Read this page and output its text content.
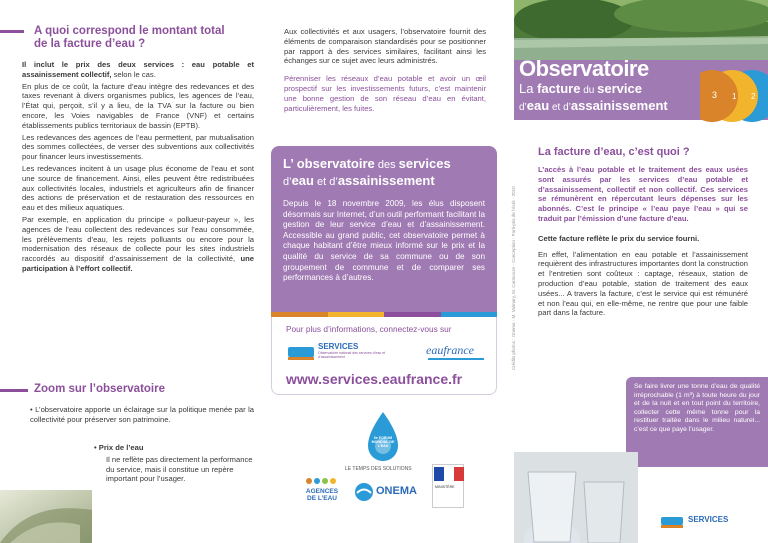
A quoi correspond le montant total de la facture d’eau ?

Il inclut le prix des deux services : eau potable et assainissement collectif, selon le cas.

En plus de ce coût, la facture d’eau intègre des redevances et des taxes revenant à divers organismes publics, les agences de l’eau, l’État qui, perçoit, s’il y a lieu, de la TVA sur la facture ou bien encore, les Voies navigables de France (VNF) et certains établissements publics territoriaux de bassin (EPTB).

Les redevances des agences de l’eau permettent, par mutualisation des sommes collectées, de verser des subventions aux collectivités pour financer leurs investissements.

Les redevances incitent à un usage plus économe de l’eau et sont une source de financement. Ainsi, elles peuvent être redistribuées aux collectivités locales, industriels et agriculteurs afin de financer des actions de préservation et de restauration des ressources en eau et des milieux aquatiques.

Par exemple, en application du principe « pollueur-payeur », les agences de l’eau collectent des redevances sur l’eau consommée, les prélèvements d’eau, les rejets polluants ou encore pour la modernisation des réseaux de collecte pour les sites industriels raccordés au dispositif d’assainissement de la collectivité, une participation à l’effort collectif.

Zoom sur l’observatoire

• L’observatoire apporte un éclairage sur la politique menée par la collectivité pour préserver son patrimoine.

• Prix de l’eau

Il ne reflète pas directement la performance du service, mais il constitue un repère important pour l’usager.

Aux collectivités et aux usagers, l’observatoire fournit des éléments de comparaison standardisés pour se positionner par rapport à des services similaires, facilitant ainsi les échanges sur ce sujet avec leurs administrés.

Pérenniser les réseaux d’eau potable et avoir un œil prospectif sur les investissements futurs, c’est maintenir une bonne gestion de son réseau d’eau en évitant, particulièrement, les fuites.

L’ observatoire des services
d’eau et d’assainissement

Depuis le 18 novembre 2009, les élus disposent désormais sur Internet, d’un outil performant facilitant la gestion de leur service d’eau et d’assainissement. Accessible au grand public, cet observatoire permet à chaque habitant d’être mieux informé sur le prix et la qualité du service de sa commune ou de son groupement de commune et de comparer ses performances à d’autres.

Pour plus d’informations, connectez-vous sur

SERVICES
Observatoire national des services d’eau et d’assainissement	eaufrance
www.services.eaufrance.fr
Crédits photos : Onema - M. Valmary, M. Carmouze - Conception : Parti-pris de l’écrit - 2010
6e FORUM MONDIAL DE L’EAU
LE TEMPS DES SOLUTIONS
AGENCES DE L’EAU
ONEMA	MINISTÈRE
3 1 2
Observatoire
La facture du service
d’eau et d’assainissement
La facture d’eau, c’est quoi ?

L’accès à l’eau potable et le traitement des eaux usées sont assurés par les services d’eau potable et d’assainissement, collectif et non collectif. Ces services se rémunèrent en répercutant leurs dépenses sur les abonnés. C’est le principe « l’eau paye l’eau » qui se traduit par l’émission d’une facture d’eau.

Cette facture reflète le prix du service fourni.

En effet, l’alimentation en eau potable et l’assainissement requièrent des infrastructures importantes dont la construction et l’entretien sont coûteux : captage, réseaux, station de production d’eau potable, station de traitement des eaux usées... A travers la facture, c’est le service qui est rémunéré et non l’eau qui, en elle-même, ne rentre que pour une faible part dans la facture.

Se faire livrer une tonne d’eau de qualité irréprochable (1 m³) à toute heure du jour et de la nuit et en tout point du territoire, collecter cette même tonne pour la restituer traitée dans le milieu naturel... c’est ce que paye l’usager.

SERVICES
